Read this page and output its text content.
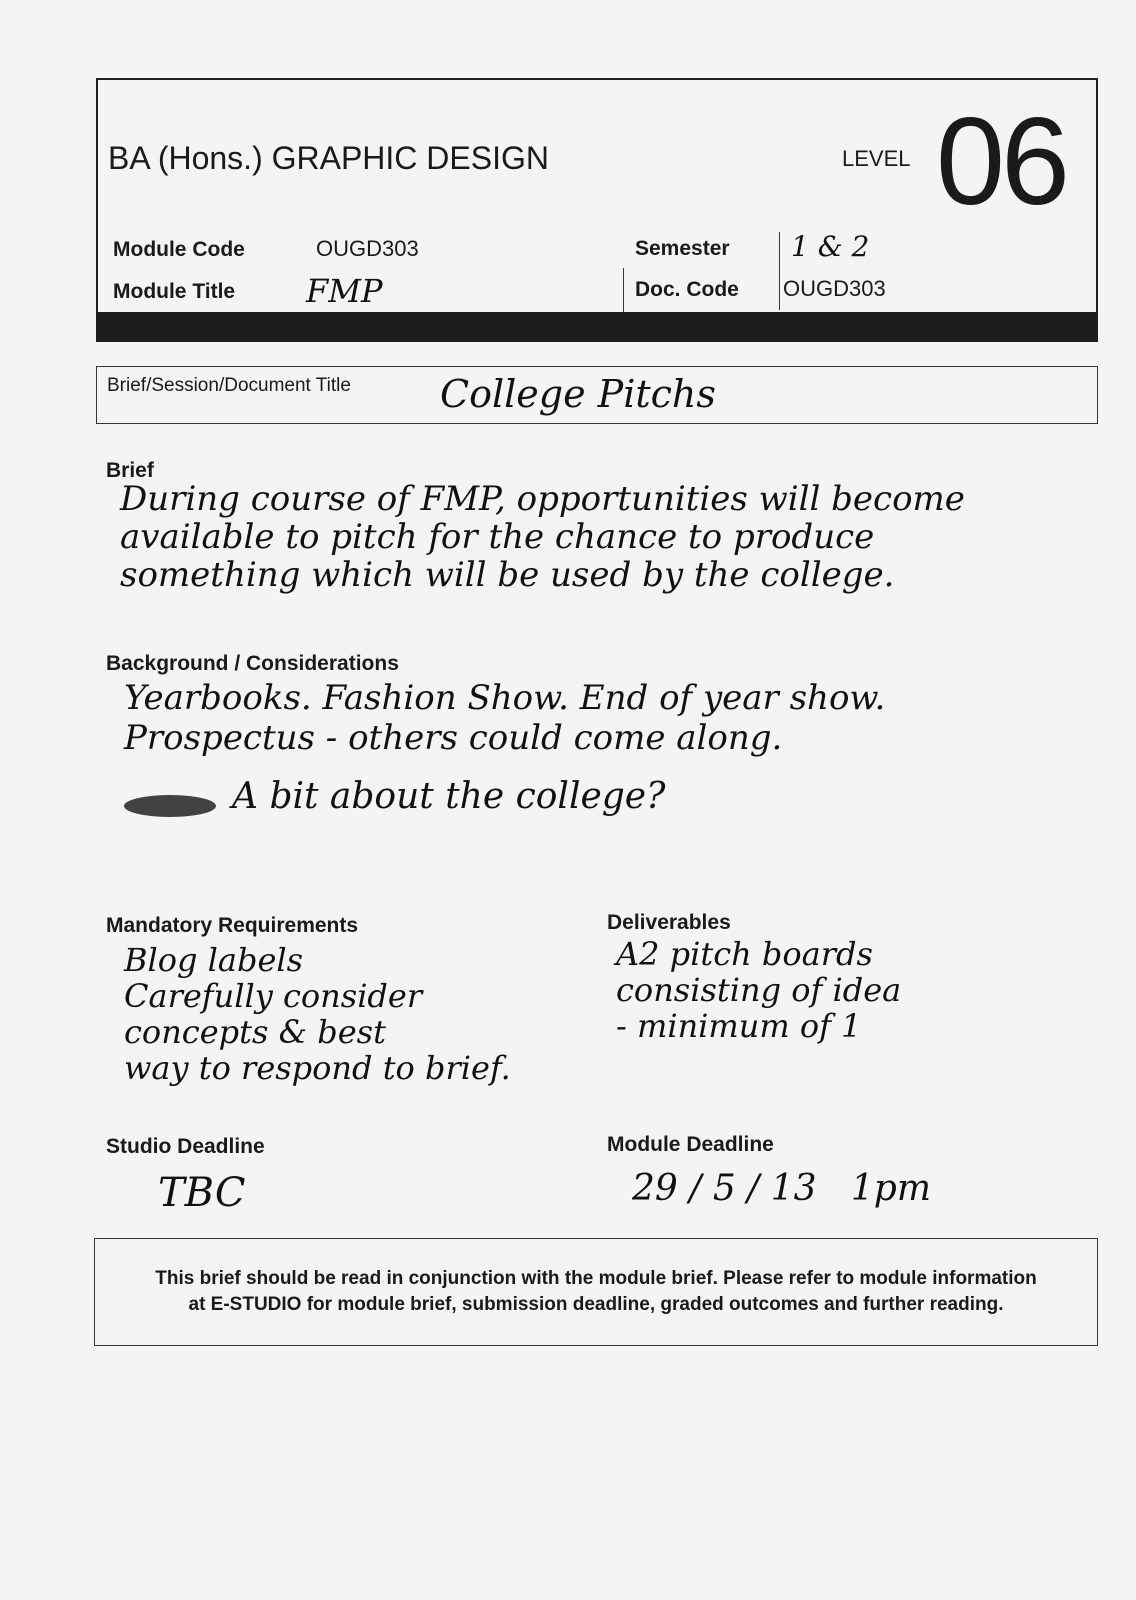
BA (Hons.) GRAPHIC DESIGN	LEVEL 06
Module Code	OUGD303
Module Title FMP
Semester 1 & 2
Doc. Code OUGD303
Brief/Session/Document Title College Pitchs
Brief
During course of FMP, opportunities will become
available to pitch for the chance to produce
something which will be used by the college.
Background / Considerations
Yearbooks. Fashion Show. End of year show.
Prospectus - others could come along.
A bit about the college?
Mandatory Requirements
Blog labels
Carefully consider
concepts & best
way to respond to brief.
Deliverables
A2 pitch boards
consisting of idea
- minimum of 1
Studio Deadline
TBC
Module Deadline
29 / 5 / 13   1pm
This brief should be read in conjunction with the module brief. Please refer to module information
at E-STUDIO for module brief, submission deadline, graded outcomes and further reading.
